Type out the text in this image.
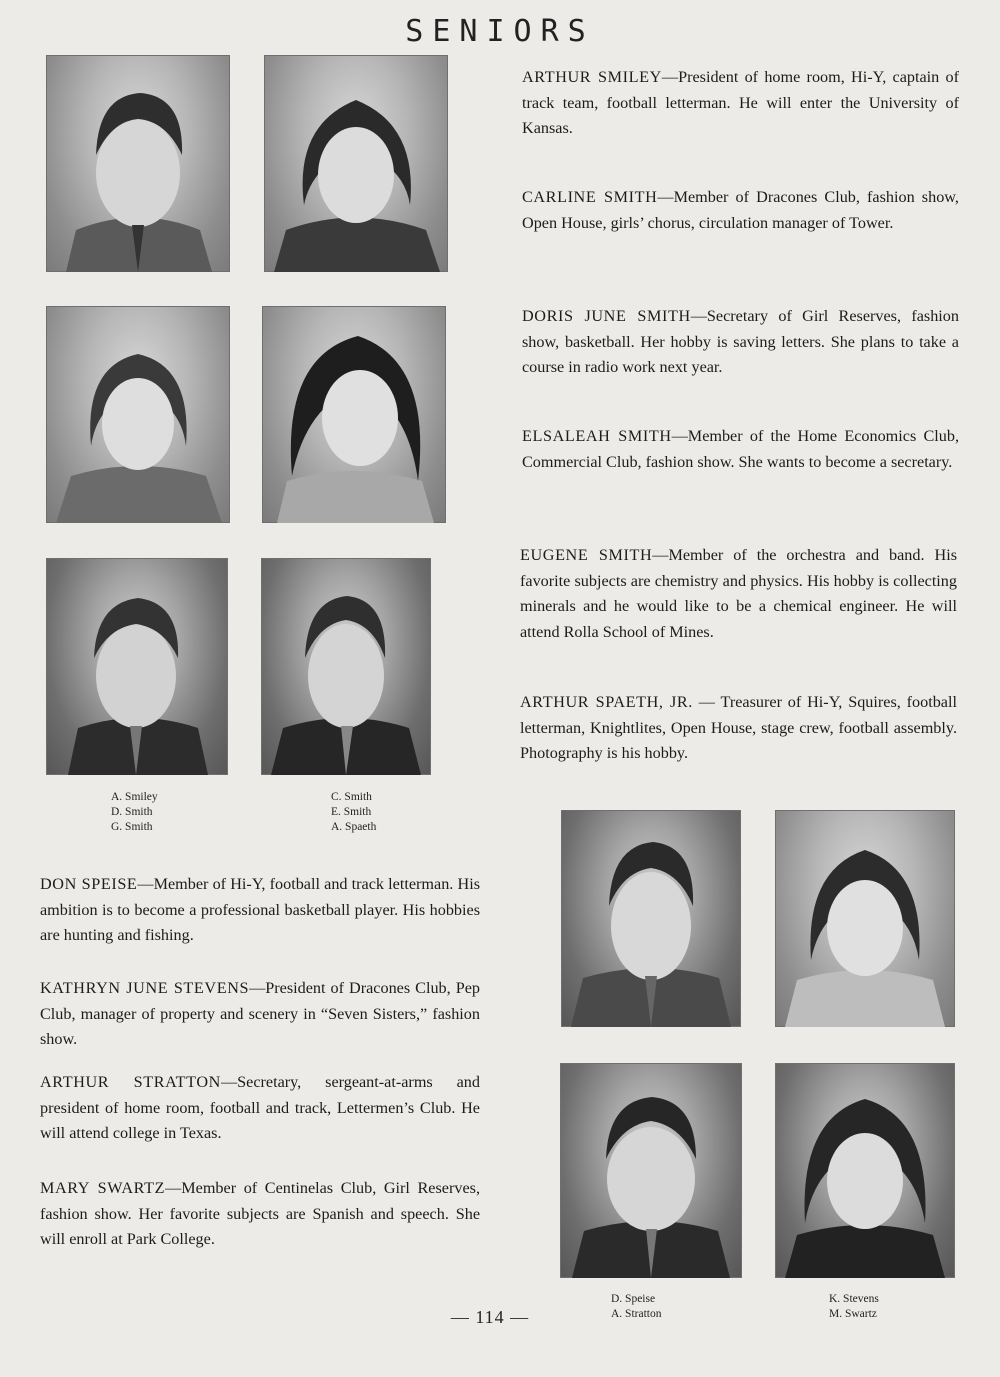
SENIORS
A. Smiley
D. Smith
G. Smith
C. Smith
E. Smith
A. Spaeth
ARTHUR SMILEY—President of home room, Hi-Y, captain of track team, football letterman. He will enter the University of Kansas.
CARLINE SMITH—Member of Dracones Club, fashion show, Open House, girls’ chorus, circulation manager of Tower.
DORIS JUNE SMITH—Secretary of Girl Reserves, fashion show, basketball. Her hobby is saving letters. She plans to take a course in radio work next year.
ELSALEAH SMITH—Member of the Home Economics Club, Commercial Club, fashion show. She wants to become a secretary.
EUGENE SMITH—Member of the orchestra and band. His favorite subjects are chemistry and physics. His hobby is collecting minerals and he would like to be a chemical engineer. He will attend Rolla School of Mines.
ARTHUR SPAETH, JR. — Treasurer of Hi-Y, Squires, football letterman, Knightlites, Open House, stage crew, football assembly. Photography is his hobby.
DON SPEISE—Member of Hi-Y, football and track letterman. His ambition is to become a professional basketball player. His hobbies are hunting and fishing.
KATHRYN JUNE STEVENS—President of Dracones Club, Pep Club, manager of property and scenery in “Seven Sisters,” fashion show.
ARTHUR STRATTON—Secretary, sergeant-at-arms and president of home room, football and track, Lettermen’s Club. He will attend college in Texas.
MARY SWARTZ—Member of Centinelas Club, Girl Reserves, fashion show. Her favorite subjects are Spanish and speech. She will enroll at Park College.
D. Speise
A. Stratton
K. Stevens
M. Swartz
— 114 —
